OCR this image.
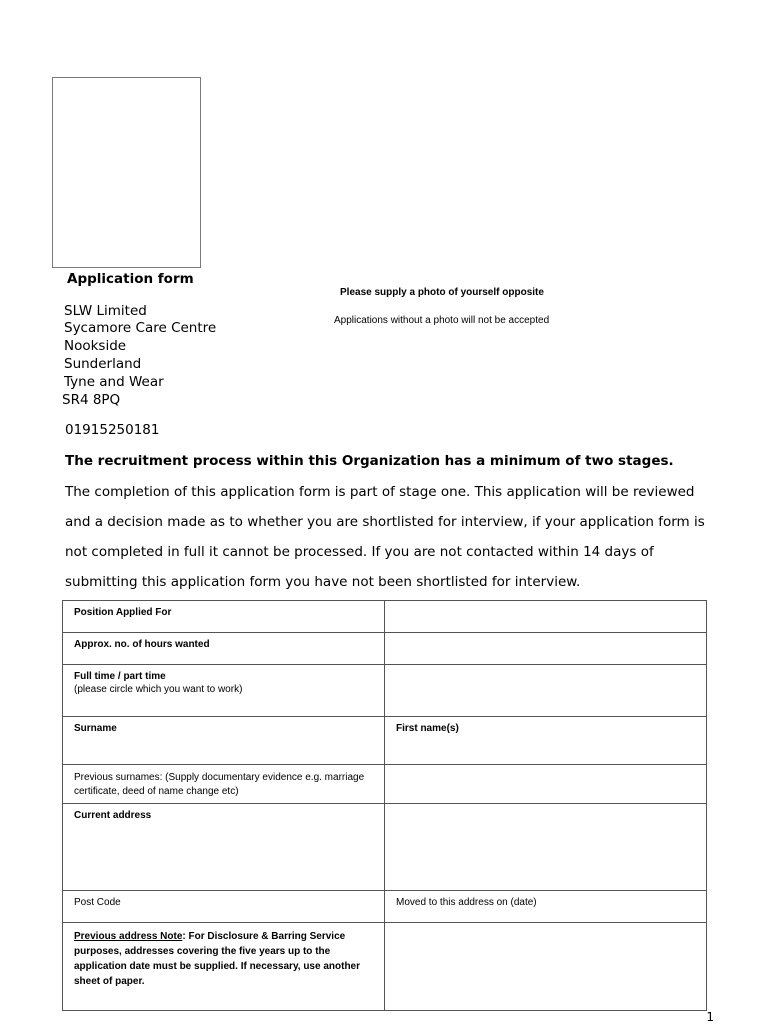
Application form
Please supply a photo of yourself opposite
Applications without a photo will not be accepted
SLW Limited
Sycamore Care Centre
Nookside
Sunderland
Tyne and Wear
SR4 8PQ
01915250181
The recruitment process within this Organization has a minimum of two stages.
The completion of this application form is part of stage one. This application will be reviewed
and a decision made as to whether you are shortlisted for interview, if your application form is
not completed in full it cannot be processed. If you are not contacted within 14 days of
submitting this application form you have not been shortlisted for interview.
Position Applied For	
Approx. no. of hours wanted	

Full time / part time
(please circle which you want to work)	

Surname	First name(s)
Previous surnames: (Supply documentary evidence e.g. marriage certificate, deed of name change etc)	
Current address	
Post Code	Moved to this address on (date)
Previous address Note: For Disclosure & Barring Service purposes, addresses covering the five years up to the application date must be supplied. If necessary, use another sheet of paper.	
1
